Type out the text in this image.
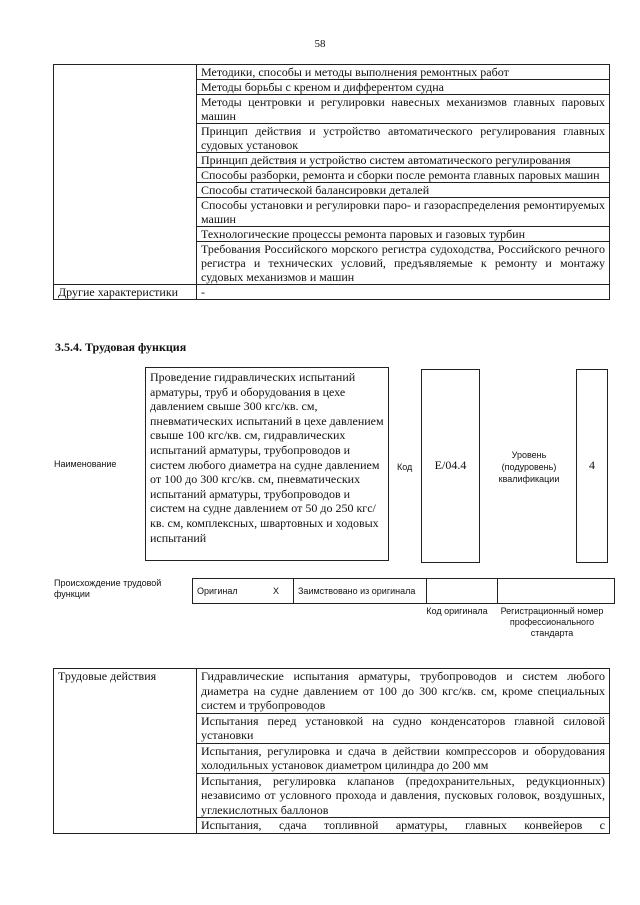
58
	Методики, способы и методы выполнения ремонтных работ
	Методы борьбы с креном и дифферентом судна
	Методы центровки и регулировки навесных механизмов главных паровых машин
	Принцип действия и устройство автоматического регулирования главных судовых установок
	Принцип действия и устройство систем автоматического регулирования
	Способы разборки, ремонта и сборки после ремонта главных паровых машин
	Способы статической балансировки деталей
	Способы установки и регулировки паро- и газораспределения ремонтируемых машин
	Технологические процессы ремонта паровых и газовых турбин
	Требования Российского морского регистра судоходства, Российского речного регистра и технических условий, предъявляемые к ремонту и монтажу судовых механизмов и машин
Другие характеристики	-
3.5.4. Трудовая функция
Наименование
Проведение гидравлических испытаний арматуры, труб и оборудования в цехе давлением свыше 300 кгс/кв. см, пневматических испытаний в цехе давлением свыше 100 кгс/кв. см, гидравлических испытаний арматуры, трубопроводов и систем любого диаметра на судне давлением от 100 до 300 кгс/кв. см, пневматических испытаний арматуры, трубопроводов и систем на судне давлением от 50 до 250 кгс/кв. см, комплексных, швартовных и ходовых испытаний
Код	E/04.4
Уровень (подуровень) квалификации
4
Происхождение трудовой функции	Оригинал	X	Заимствовано из оригинала		
Код оригинала	Регистрационный номер профессионального стандарта
Трудовые действия	Гидравлические испытания арматуры, трубопроводов и систем любого диаметра на судне давлением от 100 до 300 кгс/кв. см, кроме специальных систем и трубопроводов
Испытания перед установкой на судно конденсаторов главной силовой установки
Испытания, регулировка и сдача в действии компрессоров и оборудования холодильных установок диаметром цилиндра до 200 мм
Испытания, регулировка клапанов (предохранительных, редукционных) независимо от условного прохода и давления, пусковых головок, воздушных, углекислотных баллонов
Испытания, сдача топливной арматуры, главных конвейеров с
